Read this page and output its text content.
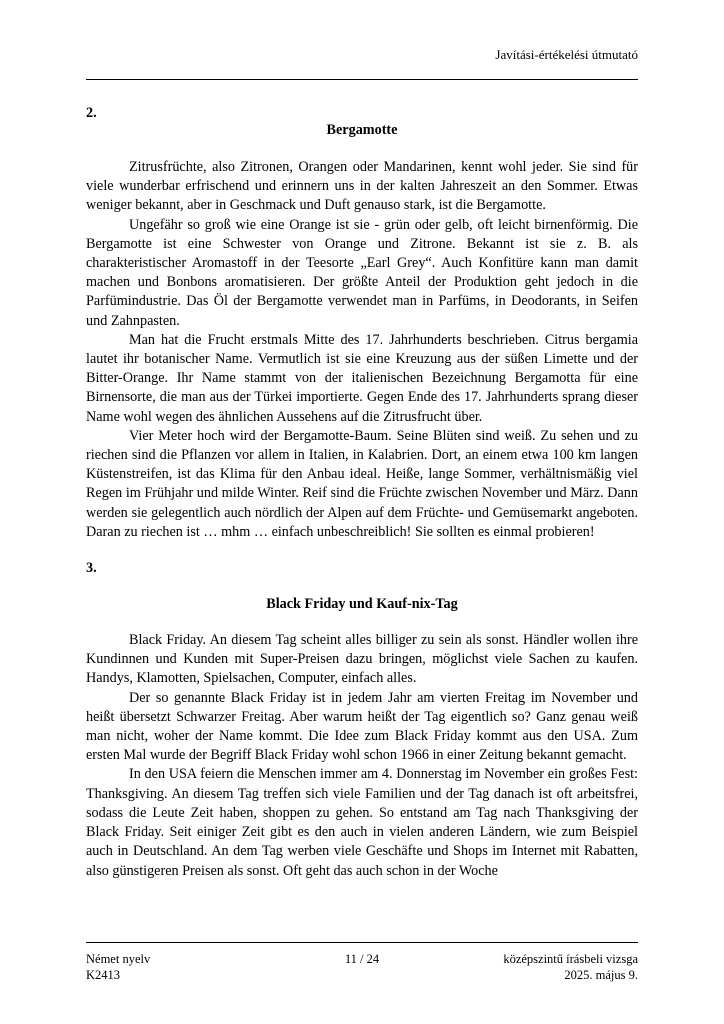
Javítási-értékelési útmutató
2.
Bergamotte

Zitrusfrüchte, also Zitronen, Orangen oder Mandarinen, kennt wohl jeder. Sie sind für viele wunderbar erfrischend und erinnern uns in der kalten Jahreszeit an den Sommer. Etwas weniger bekannt, aber in Geschmack und Duft genauso stark, ist die Bergamotte.

Ungefähr so groß wie eine Orange ist sie - grün oder gelb, oft leicht birnenförmig. Die Bergamotte ist eine Schwester von Orange und Zitrone. Bekannt ist sie z. B. als charakteristischer Aromastoff in der Teesorte „Earl Grey“. Auch Konfitüre kann man damit machen und Bonbons aromatisieren. Der größte Anteil der Produktion geht jedoch in die Parfümindustrie. Das Öl der Bergamotte verwendet man in Parfüms, in Deodorants, in Seifen und Zahnpasten.

Man hat die Frucht erstmals Mitte des 17. Jahrhunderts beschrieben. Citrus bergamia lautet ihr botanischer Name. Vermutlich ist sie eine Kreuzung aus der süßen Limette und der Bitter-Orange. Ihr Name stammt von der italienischen Bezeichnung Bergamotta für eine Birnensorte, die man aus der Türkei importierte. Gegen Ende des 17. Jahrhunderts sprang dieser Name wohl wegen des ähnlichen Aussehens auf die Zitrusfrucht über.

Vier Meter hoch wird der Bergamotte-Baum. Seine Blüten sind weiß. Zu sehen und zu riechen sind die Pflanzen vor allem in Italien, in Kalabrien. Dort, an einem etwa 100 km langen Küstenstreifen, ist das Klima für den Anbau ideal. Heiße, lange Sommer, verhältnismäßig viel Regen im Frühjahr und milde Winter. Reif sind die Früchte zwischen November und März. Dann werden sie gelegentlich auch nördlich der Alpen auf dem Früchte- und Gemüsemarkt angeboten. Daran zu riechen ist … mhm … einfach unbeschreiblich! Sie sollten es einmal probieren!

3.
Black Friday und Kauf-nix-Tag

Black Friday. An diesem Tag scheint alles billiger zu sein als sonst. Händler wollen ihre Kundinnen und Kunden mit Super-Preisen dazu bringen, möglichst viele Sachen zu kaufen. Handys, Klamotten, Spielsachen, Computer, einfach alles.

Der so genannte Black Friday ist in jedem Jahr am vierten Freitag im November und heißt übersetzt Schwarzer Freitag. Aber warum heißt der Tag eigentlich so? Ganz genau weiß man nicht, woher der Name kommt. Die Idee zum Black Friday kommt aus den USA. Zum ersten Mal wurde der Begriff Black Friday wohl schon 1966 in einer Zeitung bekannt gemacht.

In den USA feiern die Menschen immer am 4. Donnerstag im November ein großes Fest: Thanksgiving. An diesem Tag treffen sich viele Familien und der Tag danach ist oft arbeitsfrei, sodass die Leute Zeit haben, shoppen zu gehen. So entstand am Tag nach Thanksgiving der Black Friday. Seit einiger Zeit gibt es den auch in vielen anderen Ländern, wie zum Beispiel auch in Deutschland. An dem Tag werben viele Geschäfte und Shops im Internet mit Rabatten, also günstigeren Preisen als sonst. Oft geht das auch schon in der Woche

Német nyelv
K2413
11 / 24	középszintű írásbeli vizsga
2025. május 9.
